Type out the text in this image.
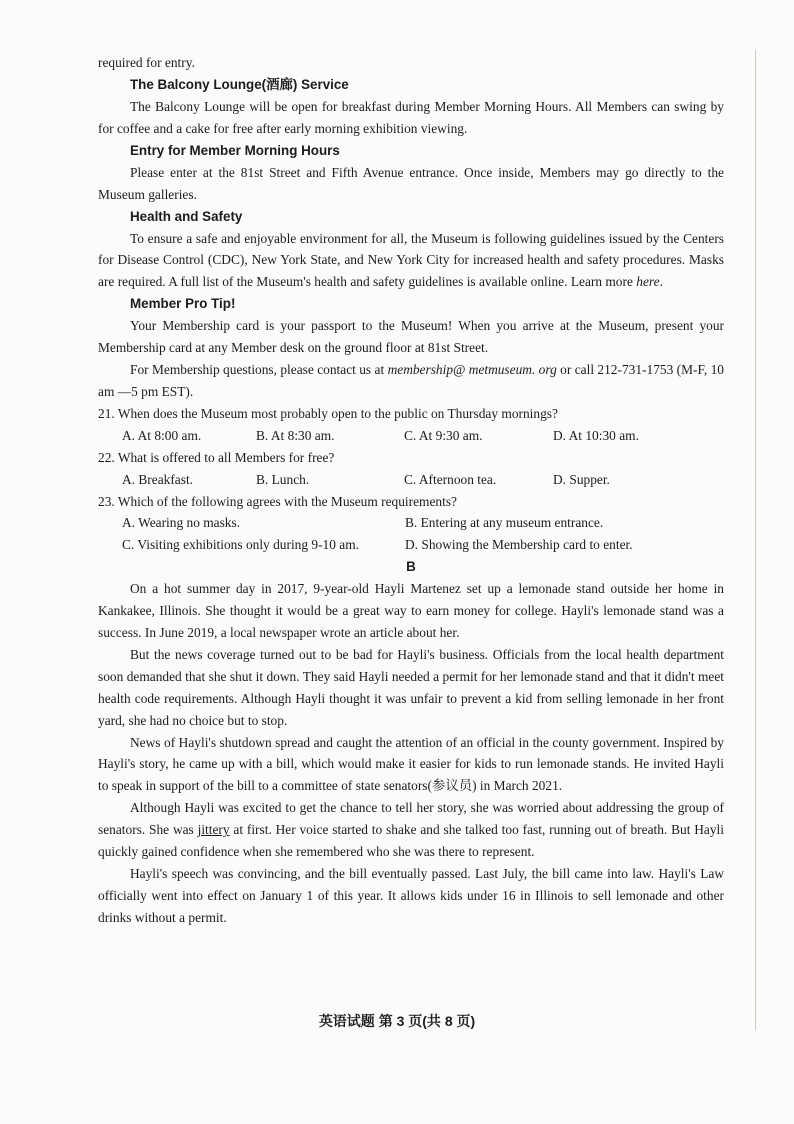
required for entry.

The Balcony Lounge(酒廊) Service

The Balcony Lounge will be open for breakfast during Member Morning Hours. All Members can swing by for coffee and a cake for free after early morning exhibition viewing.

Entry for Member Morning Hours

Please enter at the 81st Street and Fifth Avenue entrance. Once inside, Members may go directly to the Museum galleries.

Health and Safety

To ensure a safe and enjoyable environment for all, the Museum is following guidelines issued by the Centers for Disease Control (CDC), New York State, and New York City for increased health and safety procedures. Masks are required. A full list of the Museum's health and safety guidelines is available online. Learn more here.

Member Pro Tip!

Your Membership card is your passport to the Museum! When you arrive at the Museum, present your Membership card at any Member desk on the ground floor at 81st Street.

For Membership questions, please contact us at membership@ metmuseum. org or call 212-731-1753 (M-F, 10 am —5 pm EST).

21. When does the Museum most probably open to the public on Thursday mornings?

A. At 8:00 am.	B. At 8:30 am.	C. At 9:30 am.	D. At 10:30 am.

22. What is offered to all Members for free?

A. Breakfast.	B. Lunch.	C. Afternoon tea.	D. Supper.

23. Which of the following agrees with the Museum requirements?

A. Wearing no masks.	B. Entering at any museum entrance.
C. Visiting exhibitions only during 9-10 am.	D. Showing the Membership card to enter.
B

On a hot summer day in 2017, 9-year-old Hayli Martenez set up a lemonade stand outside her home in Kankakee, Illinois. She thought it would be a great way to earn money for college. Hayli's lemonade stand was a success. In June 2019, a local newspaper wrote an article about her.

But the news coverage turned out to be bad for Hayli's business. Officials from the local health department soon demanded that she shut it down. They said Hayli needed a permit for her lemonade stand and that it didn't meet health code requirements. Although Hayli thought it was unfair to prevent a kid from selling lemonade in her front yard, she had no choice but to stop.

News of Hayli's shutdown spread and caught the attention of an official in the county government. Inspired by Hayli's story, he came up with a bill, which would make it easier for kids to run lemonade stands. He invited Hayli to speak in support of the bill to a committee of state senators(参议员) in March 2021.

Although Hayli was excited to get the chance to tell her story, she was worried about addressing the group of senators. She was jittery at first. Her voice started to shake and she talked too fast, running out of breath. But Hayli quickly gained confidence when she remembered who she was there to represent.

Hayli's speech was convincing, and the bill eventually passed. Last July, the bill came into law. Hayli's Law officially went into effect on January 1 of this year. It allows kids under 16 in Illinois to sell lemonade and other drinks without a permit.

英语试题 第 3 页(共 8 页)
